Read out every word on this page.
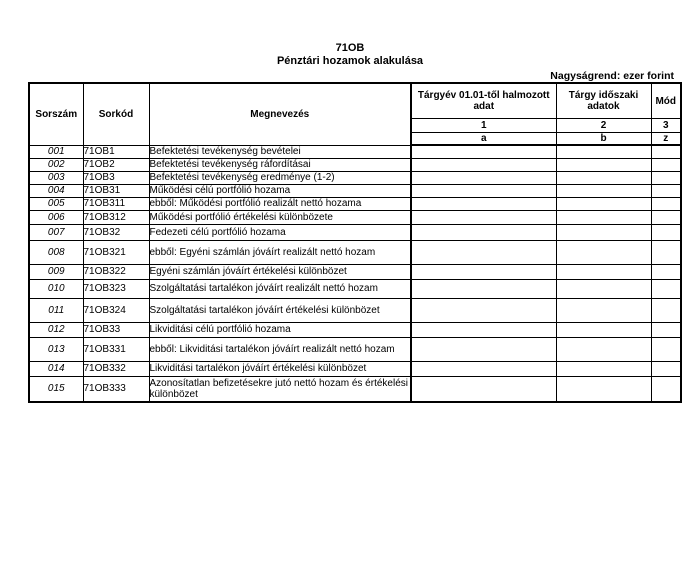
71OB
Pénztári hozamok alakulása
Nagyságrend: ezer forint
Sorszám	Sorkód	Megnevezés	Tárgyév 01.01-től halmozott adat	Tárgy időszaki adatok	Mód
			1	2	3
			a	b	z
001	71OB1	Befektetési tevékenység bevételei			
002	71OB2	Befektetési tevékenység ráfordításai			
003	71OB3	Befektetési tevékenység eredménye (1-2)			
004	71OB31	Működési célú portfólió hozama			
005	71OB311	ebből: Működési portfólió realizált nettó hozama			
006	71OB312	Működési portfólió értékelési különbözete			
007	71OB32	Fedezeti célú portfólió hozama			
008	71OB321	ebből: Egyéni számlán jóváírt realizált nettó hozam			
009	71OB322	Egyéni számlán jóváírt értékelési különbözet			
010	71OB323	Szolgáltatási tartalékon jóváírt realizált nettó hozam			
011	71OB324	Szolgáltatási tartalékon jóváírt értékelési különbözet			
012	71OB33	Likviditási célú portfólió hozama			
013	71OB331	ebből: Likviditási tartalékon jóváírt realizált nettó hozam			
014	71OB332	Likviditási tartalékon jóváírt értékelési különbözet			
015	71OB333	Azonosítatlan befizetésekre jutó nettó hozam és értékelési különbözet			
